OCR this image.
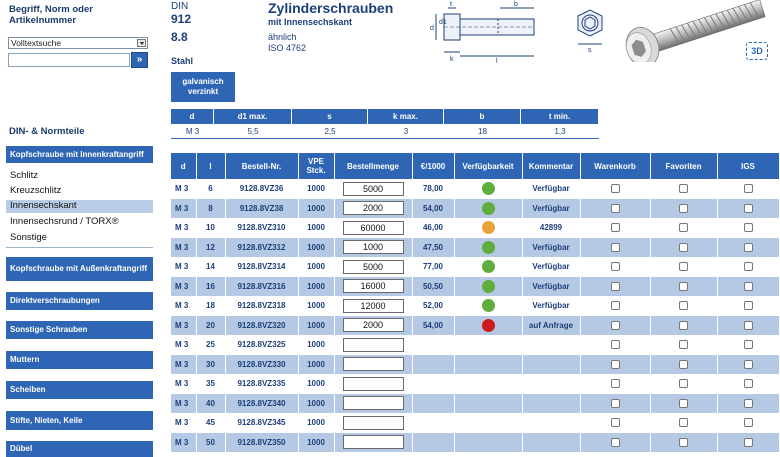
Begriff, Norm oder Artikelnummer
Volltextsuche
»
DIN- & Normteile
Kopfschraube mit Innenkraftangriff
Schlitz
Kreuzschlitz
Innensechskant
Innensechsrund / TORX®
Sonstige
Kopfschraube mit Außenkraftangriff
Direktverschraubungen
Sonstige Schrauben
Muttern
Scheiben
Stifte, Nieten, Keile
Dübel
DIN
912
8.8
Stahl
Zylinderschrauben
mit Innensechskant
ähnlich
ISO 4762
galvanisch verzinkt
d
t	b
k	l
s
d1
3D
d	d1 max.	s	k max.	b	t min.
M 3	5,5	2,5	3	18	1,3
d	l	Bestell-Nr.	VPE Stck.	Bestellmenge	€/1000	Verfügbarkeit	Kommentar	Warenkorb	Favoriten	IGS
M 3	6	9128.8VZ36	1000	5000	78,00		Verfügbar			
M 3	8	9128.8VZ38	1000	2000	54,00		Verfügbar			
M 3	10	9128.8VZ310	1000	60000	46,00		42899			
M 3	12	9128.8VZ312	1000	1000	47,50		Verfügbar			
M 3	14	9128.8VZ314	1000	5000	77,00		Verfügbar			
M 3	16	9128.8VZ316	1000	16000	50,50		Verfügbar			
M 3	18	9128.8VZ318	1000	12000	52,00		Verfügbar			
M 3	20	9128.8VZ320	1000	2000	54,00		auf Anfrage			
M 3	25	9128.8VZ325	1000							
M 3	30	9128.8VZ330	1000							
M 3	35	9128.8VZ335	1000							
M 3	40	9128.8VZ340	1000							
M 3	45	9128.8VZ345	1000							
M 3	50	9128.8VZ350	1000							
